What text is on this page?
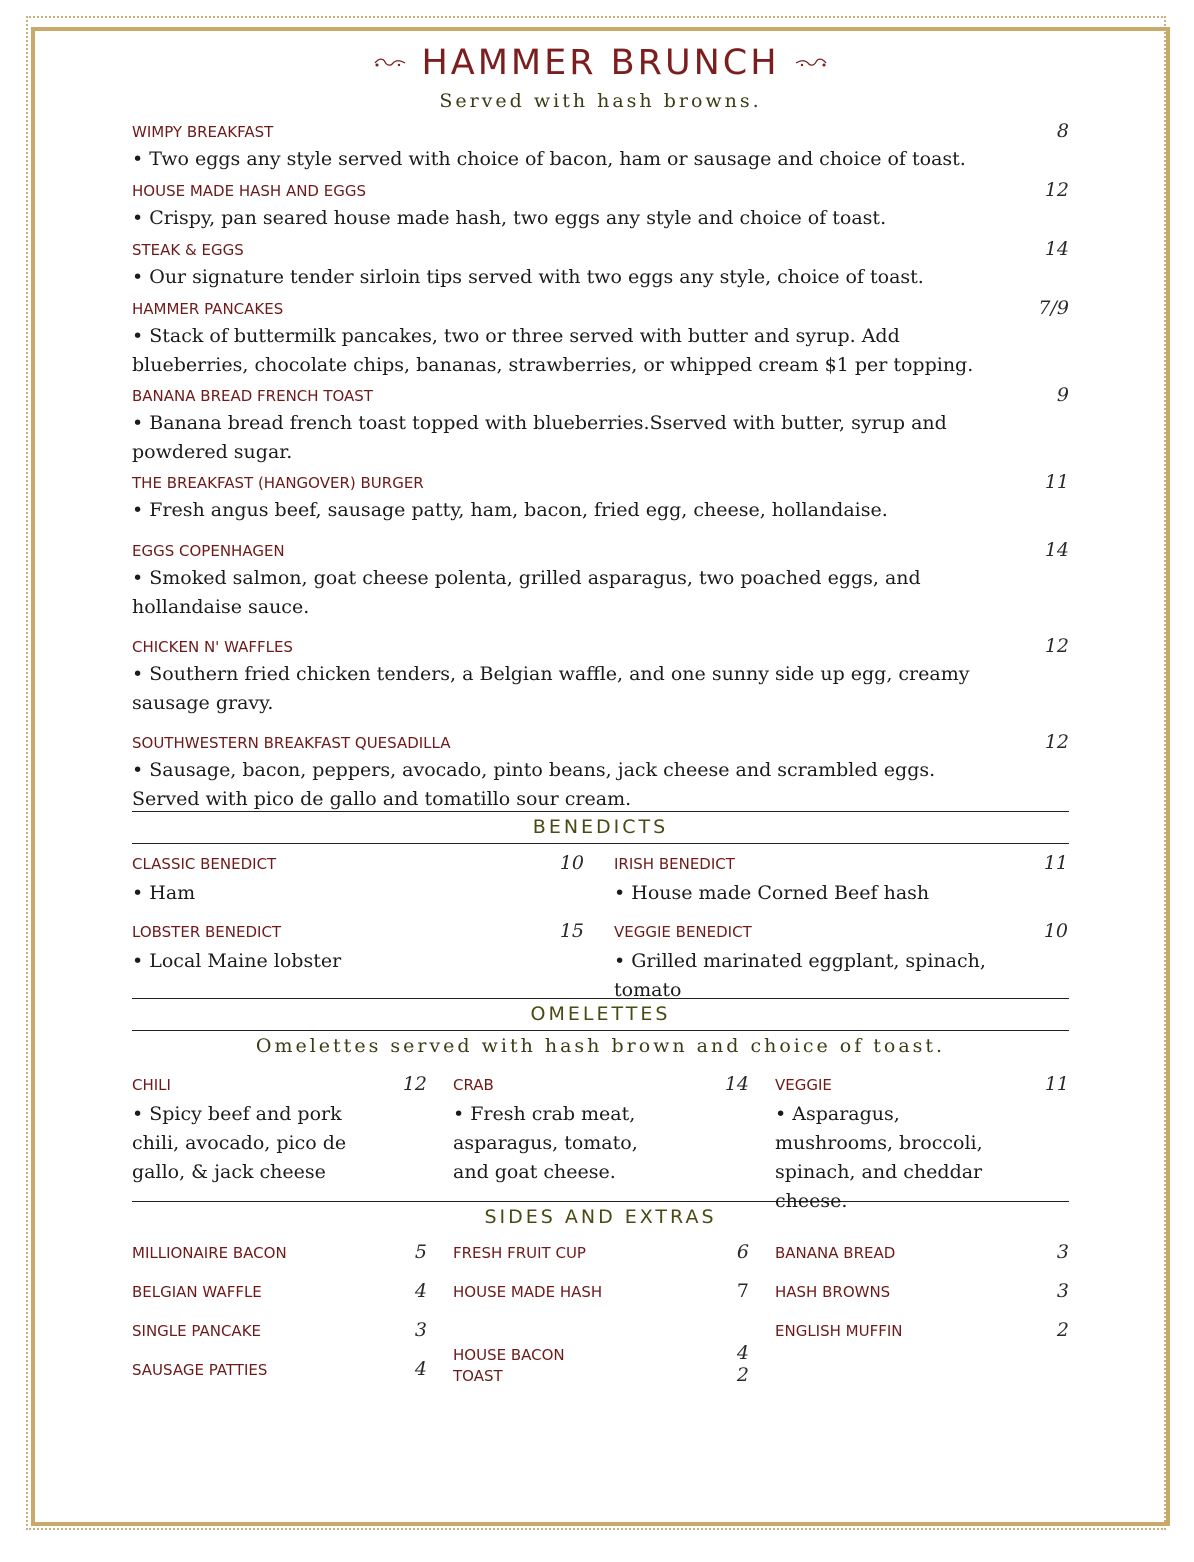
HAMMER BRUNCH
Served with hash browns.
WIMPY BREAKFAST	8
• Two eggs any style served with choice of bacon, ham or sausage and choice of toast.
HOUSE MADE HASH AND EGGS	12
• Crispy, pan seared house made hash, two eggs any style and choice of toast.
STEAK & EGGS	14
• Our signature tender sirloin tips served with two eggs any style, choice of toast.
HAMMER PANCAKES	7/9
• Stack of buttermilk pancakes, two or three served with butter and syrup. Add blueberries, chocolate chips, bananas, strawberries, or whipped cream $1 per topping.
BANANA BREAD FRENCH TOAST	9
• Banana bread french toast topped with blueberries.Sserved with butter, syrup and powdered sugar.
THE BREAKFAST (HANGOVER) BURGER	11
• Fresh angus beef, sausage patty, ham, bacon, fried egg, cheese, hollandaise.
EGGS COPENHAGEN	14
• Smoked salmon, goat cheese polenta, grilled asparagus, two poached eggs, and hollandaise sauce.
CHICKEN N' WAFFLES	12
• Southern fried chicken tenders, a Belgian waffle, and one sunny side up egg, creamy sausage gravy.
SOUTHWESTERN BREAKFAST QUESADILLA	12
• Sausage, bacon, peppers, avocado, pinto beans, jack cheese and scrambled eggs. Served with pico de gallo and tomatillo sour cream.
BENEDICTS
CLASSIC BENEDICT	10
• Ham
IRISH BENEDICT	11
• House made Corned Beef hash
LOBSTER BENEDICT	15
• Local Maine lobster
VEGGIE BENEDICT	10
• Grilled marinated eggplant, spinach, tomato
OMELETTES
Omelettes served with hash brown and choice of toast.
CHILI	12
• Spicy beef and pork chili, avocado, pico de gallo, & jack cheese
CRAB	14
• Fresh crab meat, asparagus, tomato, and goat cheese.
VEGGIE	11
• Asparagus, mushrooms, broccoli, spinach, and cheddar cheese.
SIDES AND EXTRAS
MILLIONAIRE BACON	5
BELGIAN WAFFLE	4
SINGLE PANCAKE	3
SAUSAGE PATTIES	4
FRESH FRUIT CUP	6
HOUSE MADE HASH	7
HOUSE BACON	4
TOAST	2
BANANA BREAD	3
HASH BROWNS	3
ENGLISH MUFFIN	2
